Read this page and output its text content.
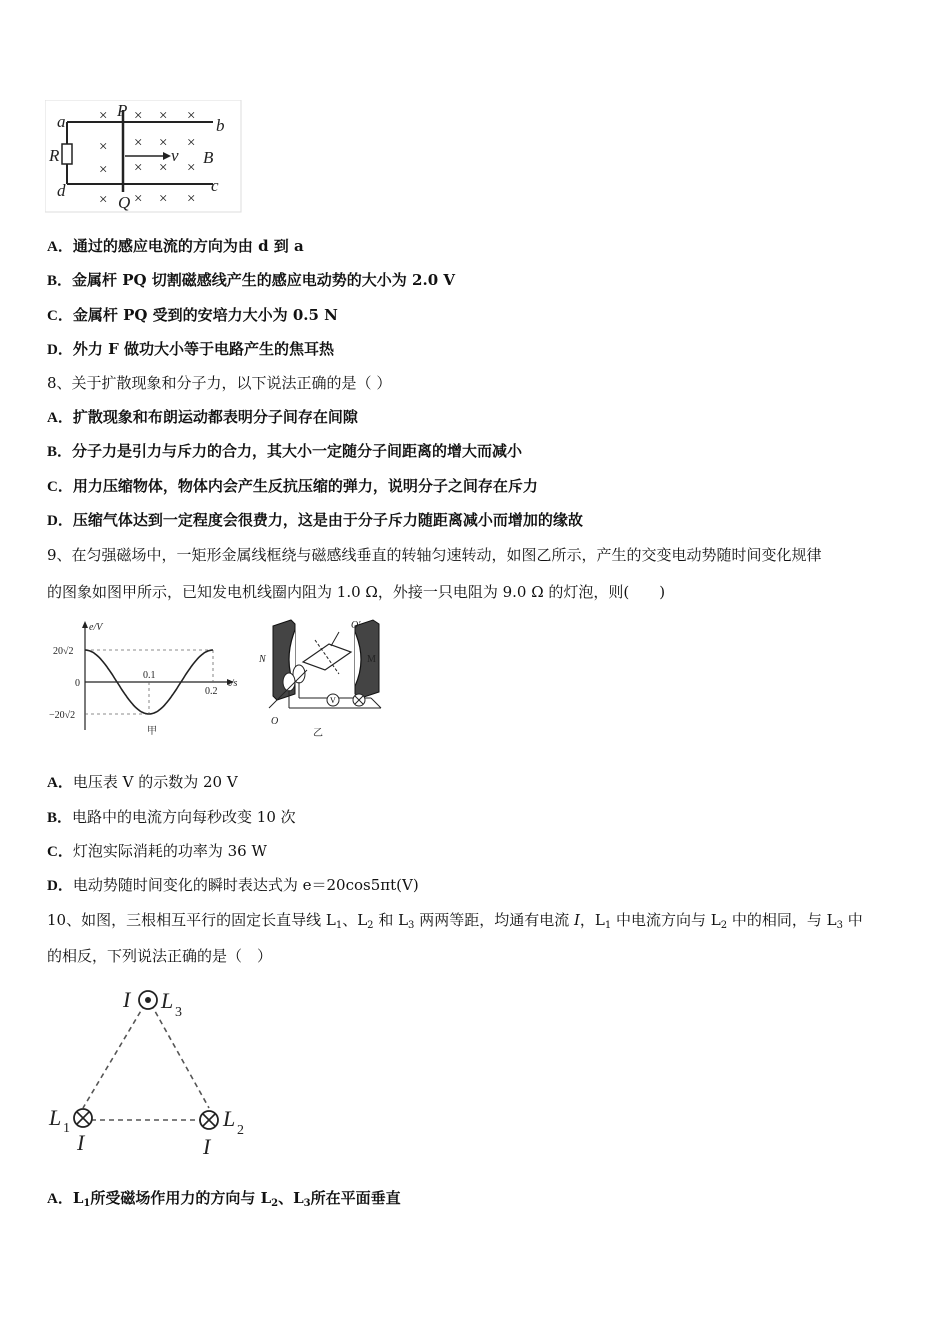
× × × ×
× × × ×
× × × ×
× × × ×
a
P
b
R	v B
d	c
Q
A．通过的感应电流的方向为由 d 到 a
B．金属杆 PQ 切割磁感线产生的感应电动势的大小为 2.0 V
C．金属杆 PQ 受到的安培力大小为 0.5 N
D．外力 F 做功大小等于电路产生的焦耳热
8、关于扩散现象和分子力，以下说法正确的是（ ）
A．扩散现象和布朗运动都表明分子间存在间隙
B．分子力是引力与斥力的合力，其大小一定随分子间距离的增大而减小
C．用力压缩物体，物体内会产生反抗压缩的弹力，说明分子之间存在斥力
D．压缩气体达到一定程度会很费力，这是由于分子斥力随距离减小而增加的缘故
9、在匀强磁场中，一矩形金属线框绕与磁感线垂直的转轴匀速转动，如图乙所示，产生的交变电动势随时间变化规律
的图象如图甲所示，已知发电机线圈内阻为 1.0 Ω，外接一只电阻为 9.0 Ω 的灯泡，则(　　)
e/V
t/s
20√2
0
−20√2
0.1
0.2
甲
V
N	M
O′
O
乙
A．电压表 V 的示数为 20 V
B．电路中的电流方向每秒改变 10 次
C．灯泡实际消耗的功率为 36 W
D．电动势随时间变化的瞬时表达式为 e＝20cos5πt(V)
10、如图，三根相互平行的固定长直导线 $L_1$、$L_2$ 和 $L_3$ 两两等距，均通有电流 I，$L_1$ 中电流方向与 $L_2$ 中的相同，与 $L_3$ 中
的相反，下列说法正确的是（　）
I L 3
L 1
I
L 2
I
A．$L_1$所受磁场作用力的方向与 $L_2$、$L_3$所在平面垂直
